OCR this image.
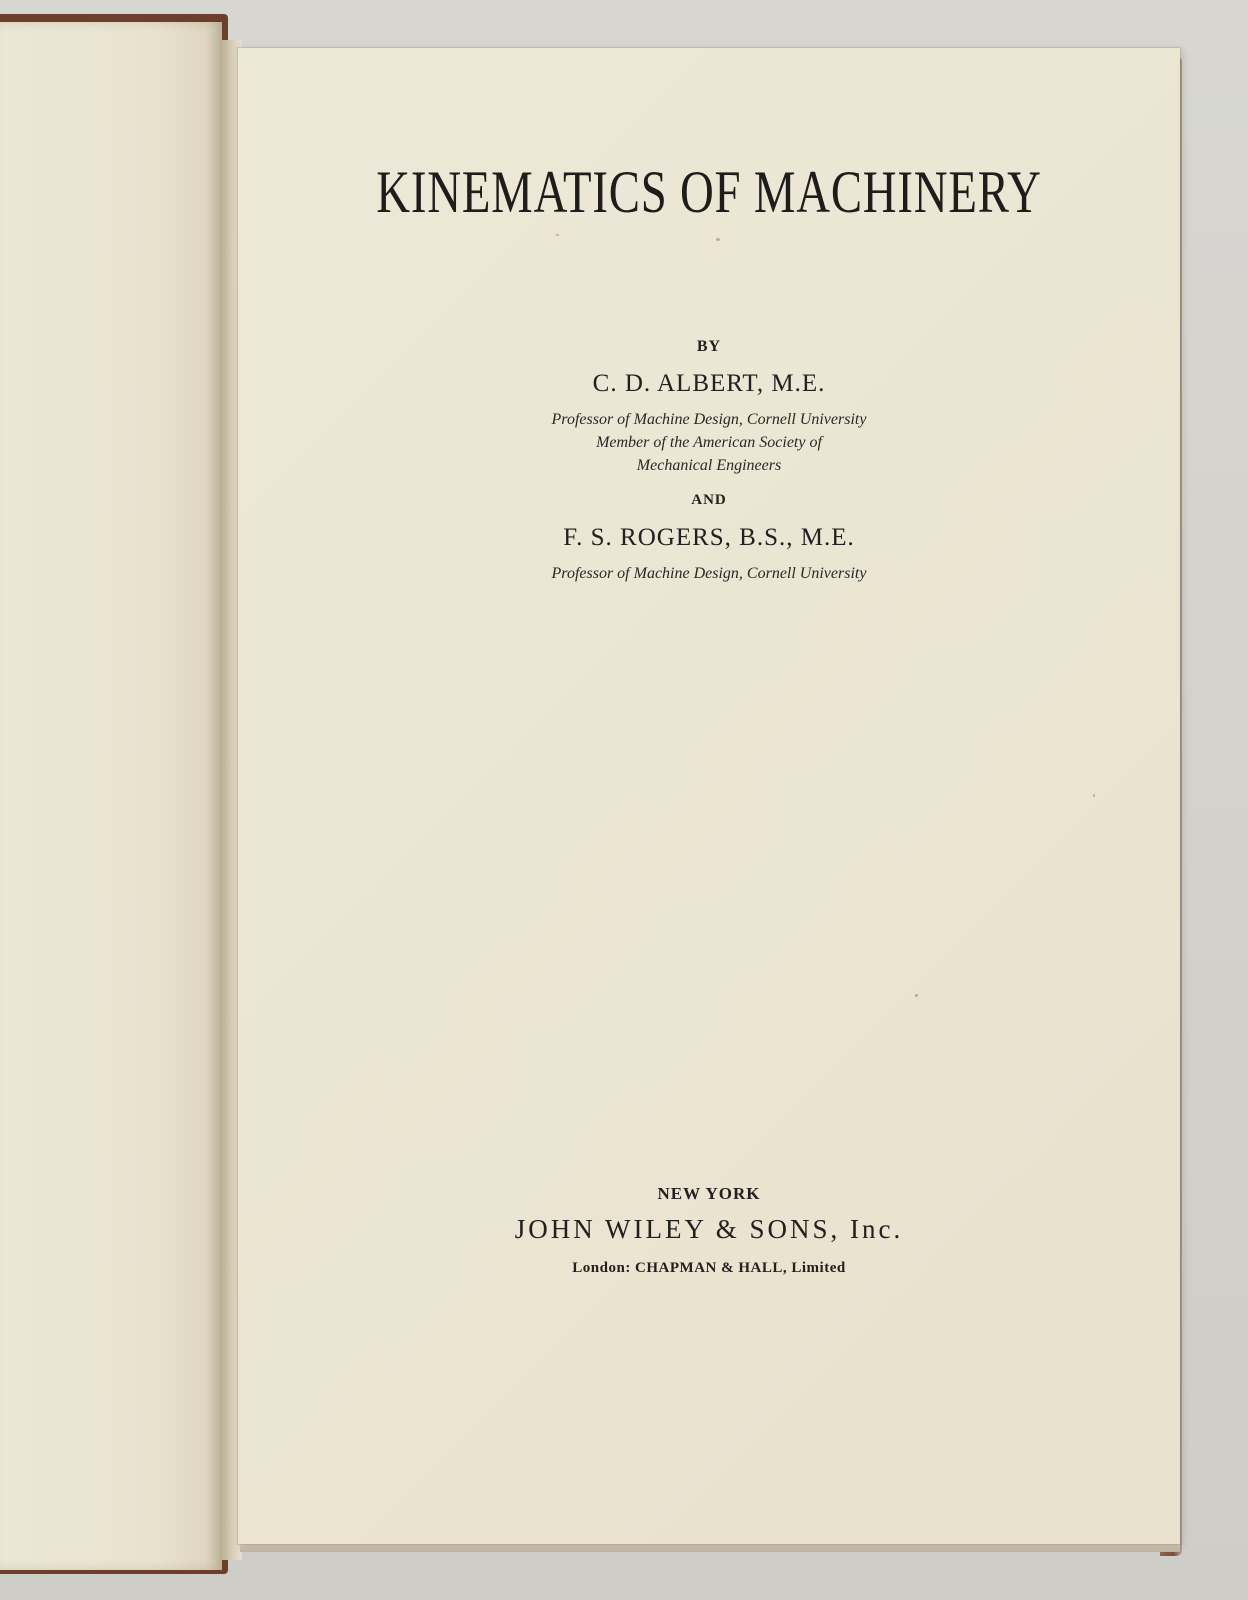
KINEMATICS OF MACHINERY
BY
C. D. ALBERT, M.E.
Professor of Machine Design, Cornell University
Member of the American Society of
Mechanical Engineers
AND
F. S. ROGERS, B.S., M.E.
Professor of Machine Design, Cornell University
NEW YORK
JOHN WILEY & SONS, Inc.
London: CHAPMAN & HALL, Limited
